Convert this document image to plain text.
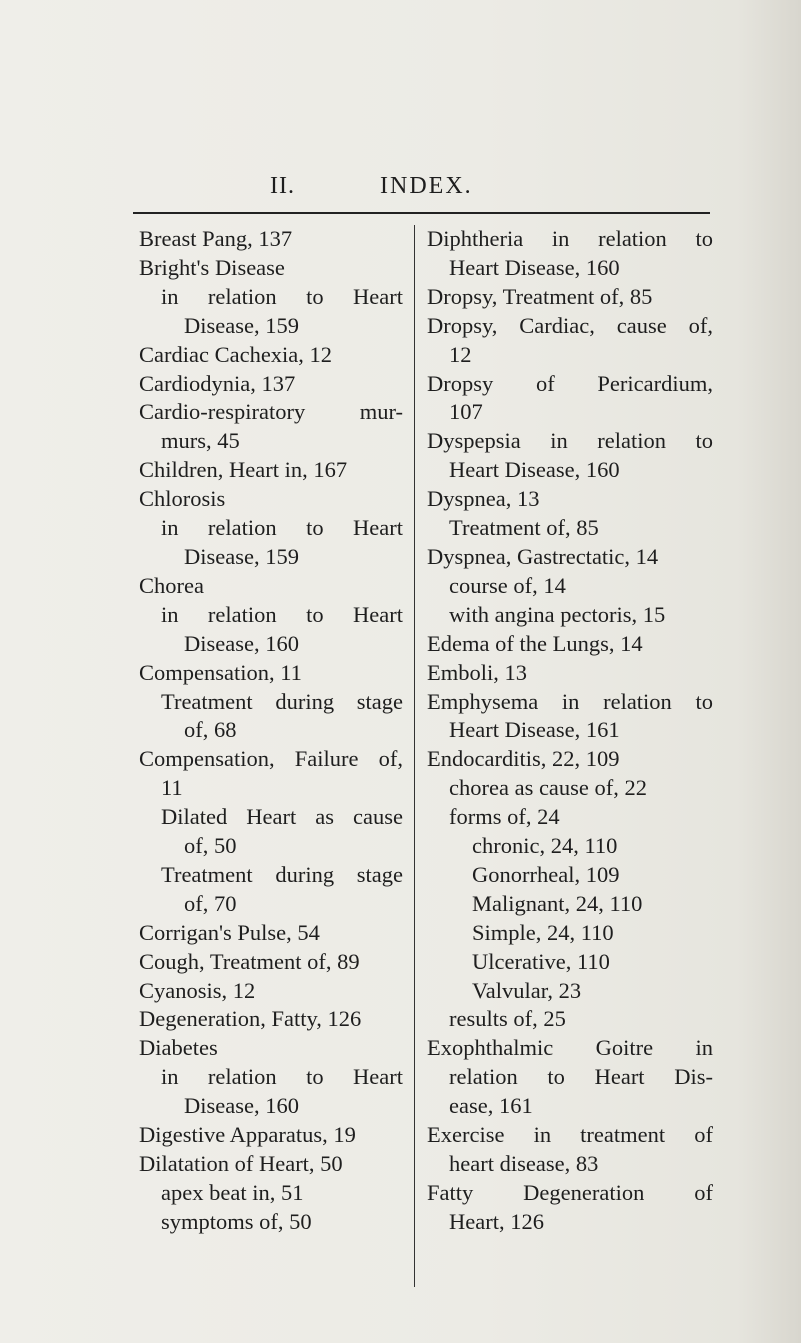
II.	INDEX.
Breast Pang, 137
Bright's Disease
in relation to Heart
Disease, 159
Cardiac Cachexia, 12
Cardiodynia, 137
Cardio-respiratory mur-
murs, 45
Children, Heart in, 167
Chlorosis
in relation to Heart
Disease, 159
Chorea
in relation to Heart
Disease, 160
Compensation, 11
Treatment during stage
of, 68
Compensation, Failure of,
11
Dilated Heart as cause
of, 50
Treatment during stage
of, 70
Corrigan's Pulse, 54
Cough, Treatment of, 89
Cyanosis, 12
Degeneration, Fatty, 126
Diabetes
in relation to Heart
Disease, 160
Digestive Apparatus, 19
Dilatation of Heart, 50
apex beat in, 51
symptoms of, 50
Diphtheria in relation to
Heart Disease, 160
Dropsy, Treatment of, 85
Dropsy, Cardiac, cause of,
12
Dropsy of Pericardium,
107
Dyspepsia in relation to
Heart Disease, 160
Dyspnea, 13
Treatment of, 85
Dyspnea, Gastrectatic, 14
course of, 14
with angina pectoris, 15
Edema of the Lungs, 14
Emboli, 13
Emphysema in relation to
Heart Disease, 161
Endocarditis, 22, 109
chorea as cause of, 22
forms of, 24
chronic, 24, 110
Gonorrheal, 109
Malignant, 24, 110
Simple, 24, 110
Ulcerative, 110
Valvular, 23
results of, 25
Exophthalmic Goitre in
relation to Heart Dis-
ease, 161
Exercise in treatment of
heart disease, 83
Fatty Degeneration of
Heart, 126
